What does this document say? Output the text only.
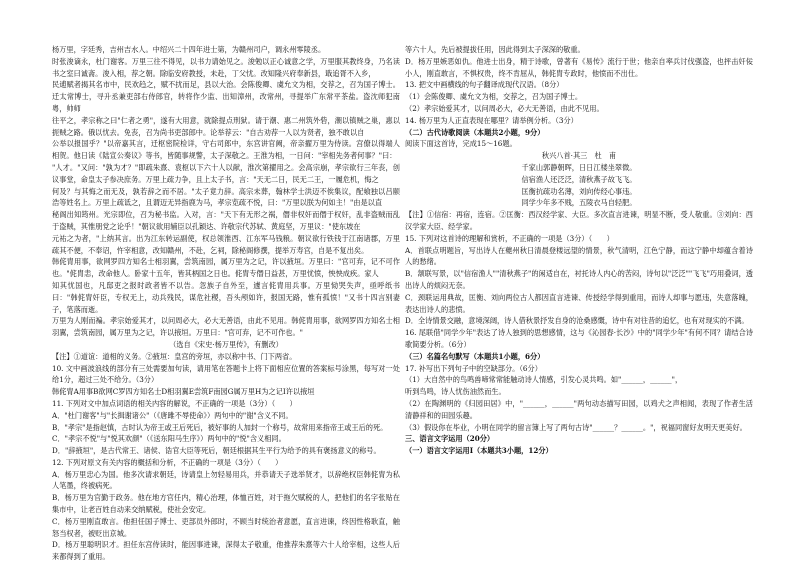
杨万里，字廷秀，吉州吉水人。中绍兴二十四年进士第，为赣州司户，调永州零陵丞。

时张浚谪永，杜门谢客。万里三往不得见，以书力请始见之。浚勉以正心诚意之学，万里服其教终身，乃名读书之室曰诚斋。浚入相，荐之朝。除临安府教授，未赴，丁父忧。改知隆兴府奉新县，戢追胥不入乡，

民逋赋者揭其名市中，民欢趋之，赋不扰而足，县以大治。会陈俊卿、虞允文为相，交荐之，召为国子博士。迁太常博士，寻升丞兼吏部右侍郎官，转将作少监、出知漳州，改常州，寻提举广东常平茶盐。盗沈师犯南粤，帅师

往平之，孝宗称之曰"仁者之勇"，遂有大用意，就除提点刑狱。请于潮、惠二州筑外砦，潮以镇贼之巢，惠以扼贼之路。俄以忧去。免丧，召为尚书吏部郎中。论举荐云："自古劝荐一人以为贤者，独不敢以自

公举以报国乎？"以帝嘉其言，迁枢密院检详，守右司郎中，东宫讲官阙，帝亲擢万里为侍读。宫僚以得端人相贺。他日读《陆宣公奏议》等书，皆随事规警，太子深敬之。王淮为相，一日问："宰相先务者何事？"曰：

"人才。"又问："孰为才？"即疏朱熹、袁枢以下六十人以献，淮次第擢用之。会高宗崩，孝宗欲行三年丧，创议事堂，命皇太子参决庶务。万里上疏力争，且上太子书，言："天无二日，民无二王，一履危机，悔之

何及？与其悔之而无及，孰若辞之而不居。"太子竟力辞。高宗未葬，翰林学士洪迈不俟集议，配飨独以吕颐浩等姓名上。万里上疏诋之，且谓迈无异指鹿为马，孝宗览疏不悦，曰："万里以朕为何如主！"由是以直

秘阁出知筠州。光宗即位，召为秘书监。入对，言："天下有无形之祸，僭非权奸而僭于权奸，乱非盗贼而乱于盗贼，其惟朋党之论乎！"朝议欲用辅臣以孔颖达、许敬宗代苏轼、黄庭坚，万里议："使东坡在

元祐之为者，"上纳其言。出为江东转运副使，权总领淮西、江东军马钱粮。朝议欲行铁钱于江南诸郡，万里疏其不便，不奉诏，忤宰相意，改知赣州，不赴，乞祠，除秘阁修撰，提举万寿宫，自是不复出矣。

韩侂胄用事，欲网罗四方知名士相羽翼，尝筑南园，属万里为之记，许以掖垣。万里曰："官可弃，记不可作也。"侂胄恚，改命他人。卧家十五年，皆其柄国之日也。侂胄专僭日益甚，万里忧愤，怏怏成疾。家人

知其忧国也，凡邸吏之报时政者皆不以告。忽族子自外至，遽言侂胄用兵事。万里恸哭失声，亟呼纸书曰："韩侂胄奸臣，专权无上，动兵残民，谋危社稷，吾头颅如许，报国无路，惟有孤愤！"又书十四言别妻子，笔落而逝。

万里为人刚而褊。孝宗始爱其才，以问周必大，必大无善语，由此不见用。韩侂胄用事，欲网罗四方知名士相羽翼，尝筑南园，属万里为之记，许以掖垣。万里曰："官可弃，记不可作也。"

（选自《宋史·杨万里传》，有删改）

【注】①道谊：道相的义务。②掖垣：皇宫的旁垣，亦以称中书、门下两省。

10. 文中画波浪线的部分有三处需要加句读，请用笔在答题卡上将下面相应位置的答案标号涂黑，每写对一处给1分，超过三处不给分。（3分）

韩侂胄A用事B欲网C罗四方知名士D相羽翼E尝筑F南园G属万里H为之记I许以掖垣

11. 下列对文中加点词语的相关内容的解说，不正确的一项是（3分）（　　）

A．"杜门谢客"与"长揖谢诸公"（《唐雎不辱使命》）两句中的"谢"含义不同。

B．"孝宗"是指赵慎，古时认为帝王或王后死后，被好事的人加封一个称号，故常用来指帝王或王后的死。

C．"孝宗不悦"与"悦其欢颜"（《送东阳马生序》）两句中的"悦"含义相同。

D．"辞掖垣"，是古代常王、诸侯、诰官大臣等死后，朝廷根据其生平行为给予的具有褒扬意义的称号。

12. 下列对原文有关内容的概括和分析，不正确的一项是（3分）（　　）

A．杨万里忠心为国。他多次请求朝廷，诗请皇上勿轻易用兵，并恭请天子选举贤才，以辞绝权臣韩侂胄为私人笔墨，终被病死。

B．杨万里为官勤于政务。他在地方官任内，精心治理，体恤百姓，对于拖欠赋税的人，把他们的名字张贴在集市中，让老百姓自动来交纳赋税，使社会安定。

C．杨万里刚直敢言。他担任国子博士、吏部员外郎时，不顾当时统治者意愿，直言进谏，终因性格耿直，触怒当权者，被贬出京城。

D．杨万里聪明识才。担任东宫侍读时，能因事进谏，深得太子敬重，他推荐朱熹等六十人给宰相，这些人后来都得到了重用。

等六十人，先后被提拔任用，因此得到太子深深的敬重。

D．杨万里嫉恶如仇。他进士出身，精于诗歌，曾著有《易传》流行于世；他亲自率兵讨伐强盗，也抨击奸佞小人，刚直敢言，不惧权贵，终不肯屈从，韩侂胄专政时，他愤而不出仕。

13. 把文中画横线的句子翻译成现代汉语。（8分）

（1）会陈俊卿、虞允文为相，交荐之，召为国子博士。

（2）孝宗始爱其才，以问周必大，必大无善语，由此不见用。

14. 杨万里为人正直表现在哪里？请举例分析。（3分）

（二）古代诗歌阅读（本题共2小题，9分）

阅读下面这首诗，完成15～16题。

秋兴八首·其三　杜　甫

千家山郭静朝晖，日日江楼坐翠微。

信宿渔人还泛泛，清秋燕子故飞飞。

匡衡抗疏功名薄，刘向传经心事违。

同学少年多不贱，五陵衣马自轻肥。

【注】①信宿：再宿，连宿。②匡衡：西汉经学家、大臣。多次直言进谏，明显不断，受人敬重。③刘向：西汉学家大臣、经学家。

15. 下列对这首诗的理解和赏析，不正确的一项是（3分）（　　）

A．首联点明题旨，写出诗人在夔州秋日清晨登楼远望的情景，秋气清明，江色宁静，而这宁静中却蕴含着诗人的愁绪。

B．颔联写景，以"信宿渔人""清秋燕子"的闲适自在，衬托诗人内心的苦闷，诗句以"泛泛""飞飞"巧用叠词，透出诗人的烦闷无奈。

C．颈联运用典故，匡衡、刘向两位古人都因直言进谏、传授经学得到重用，而诗人却事与愿违，失意落魄，表达出诗人的悲愤。

D．全诗情景交融，意境深阔，诗人借秋景抒发自身的沧桑感慨，诗中有对往昔的追忆，也有对现实的不满。

16. 尾联借"同学少年"表达了诗人独到的思想感情，这与《沁园春·长沙》中的"同学少年"有何不同？请结合诗歌简要分析。（6分）

（三）名篇名句默写（本题共1小题，6分）

17. 补写出下列句子中的空缺部分。（6分）

（1）大自然中的鸟鸣兽啼常常能触动诗人情感，引发心灵共鸣。如"______，______"，

听到鸟鸣，诗人忧伤油然而生。

（2）在陶渊明的《归园田居》中，"______，______"两句动态描写田园，以鸡犬之声相闻，表现了作者生活清静祥和的田园乐趣。

（3）假设你在毕业，小明在同学的留言簿上写了两句古诗"______？______。"，祝福同窗好友明天更美好。

三、语言文字运用（20分）

（一）语言文字运用Ⅰ（本题共3小题，12分）
